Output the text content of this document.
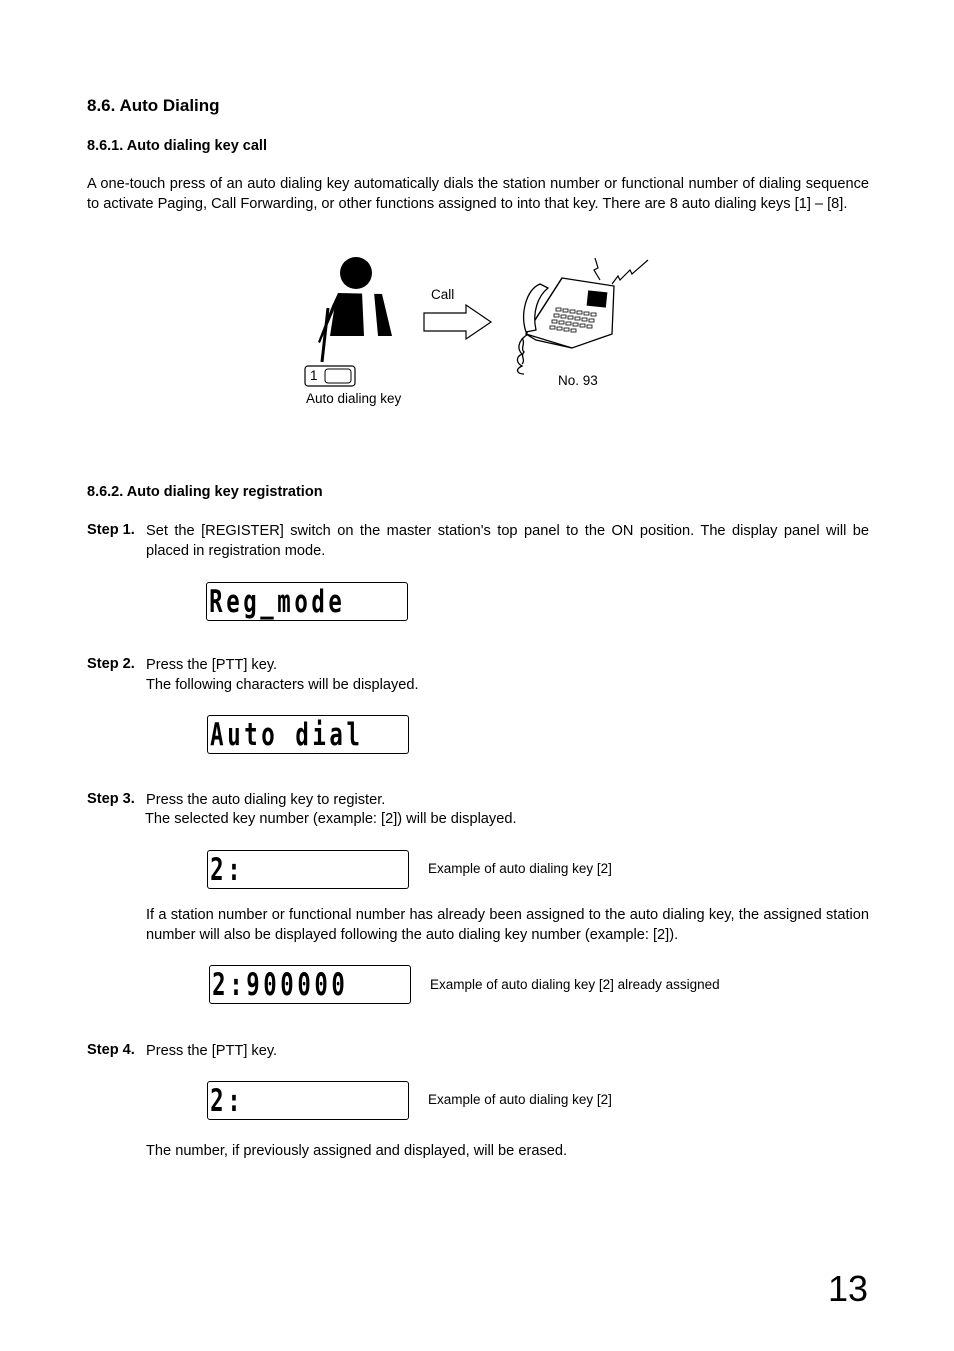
8.6. Auto Dialing
8.6.1. Auto dialing key call
A one-touch press of an auto dialing key automatically dials the station number or functional number of dialing sequence to activate Paging, Call Forwarding, or other functions assigned to into that key. There are 8 auto dialing keys [1] – [8].
Call
1
Auto dialing key
No. 93
8.6.2. Auto dialing key registration
Step 1. Set the [REGISTER] switch on the master station's top panel to the ON position. The display panel will be placed in registration mode.
Reg_mode
Step 2. Press the [PTT] key.
The following characters will be displayed.
Auto dial
Step 3. Press the auto dialing key to register.
The selected key number (example: [2]) will be displayed.
2:	Example of auto dialing key [2]
If a station number or functional number has already been assigned to the auto dialing key, the assigned station number will also be displayed following the auto dialing key number (example: [2]).
2:900000	Example of auto dialing key [2] already assigned
Step 4. Press the [PTT] key.
2:	Example of auto dialing key [2]
The number, if previously assigned and displayed, will be erased.
13
